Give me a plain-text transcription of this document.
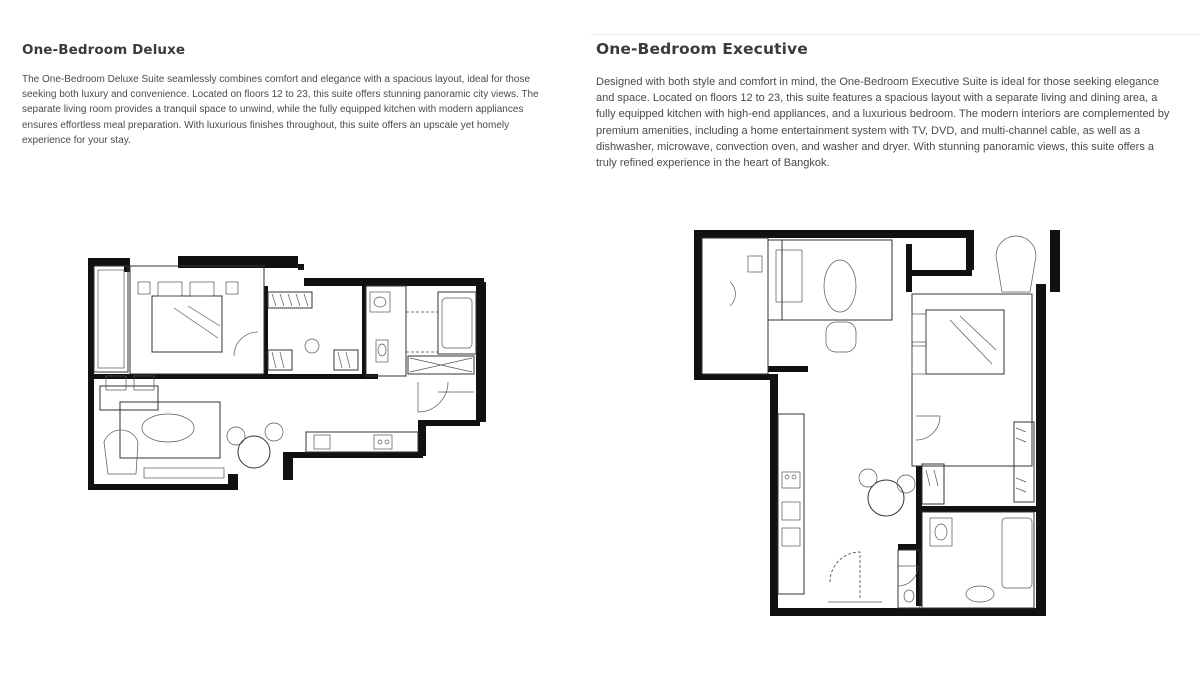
One-Bedroom Deluxe

The One-Bedroom Deluxe Suite seamlessly combines comfort and elegance with a spacious layout, ideal for those seeking both luxury and convenience. Located on floors 12 to 23, this suite offers stunning panoramic city views. The separate living room provides a tranquil space to unwind, while the fully equipped kitchen with modern appliances ensures effortless meal preparation. With luxurious finishes throughout, this suite offers an upscale yet homely experience for your stay.

One-Bedroom Executive

Designed with both style and comfort in mind, the One-Bedroom Executive Suite is ideal for those seeking elegance and space. Located on floors 12 to 23, this suite features a spacious layout with a separate living and dining area, a fully equipped kitchen with high-end appliances, and a luxurious bedroom. The modern interiors are complemented by premium amenities, including a home entertainment system with TV, DVD, and multi-channel cable, as well as a dishwasher, microwave, convection oven, and washer and dryer. With stunning panoramic views, this suite offers a truly refined experience in the heart of Bangkok.
